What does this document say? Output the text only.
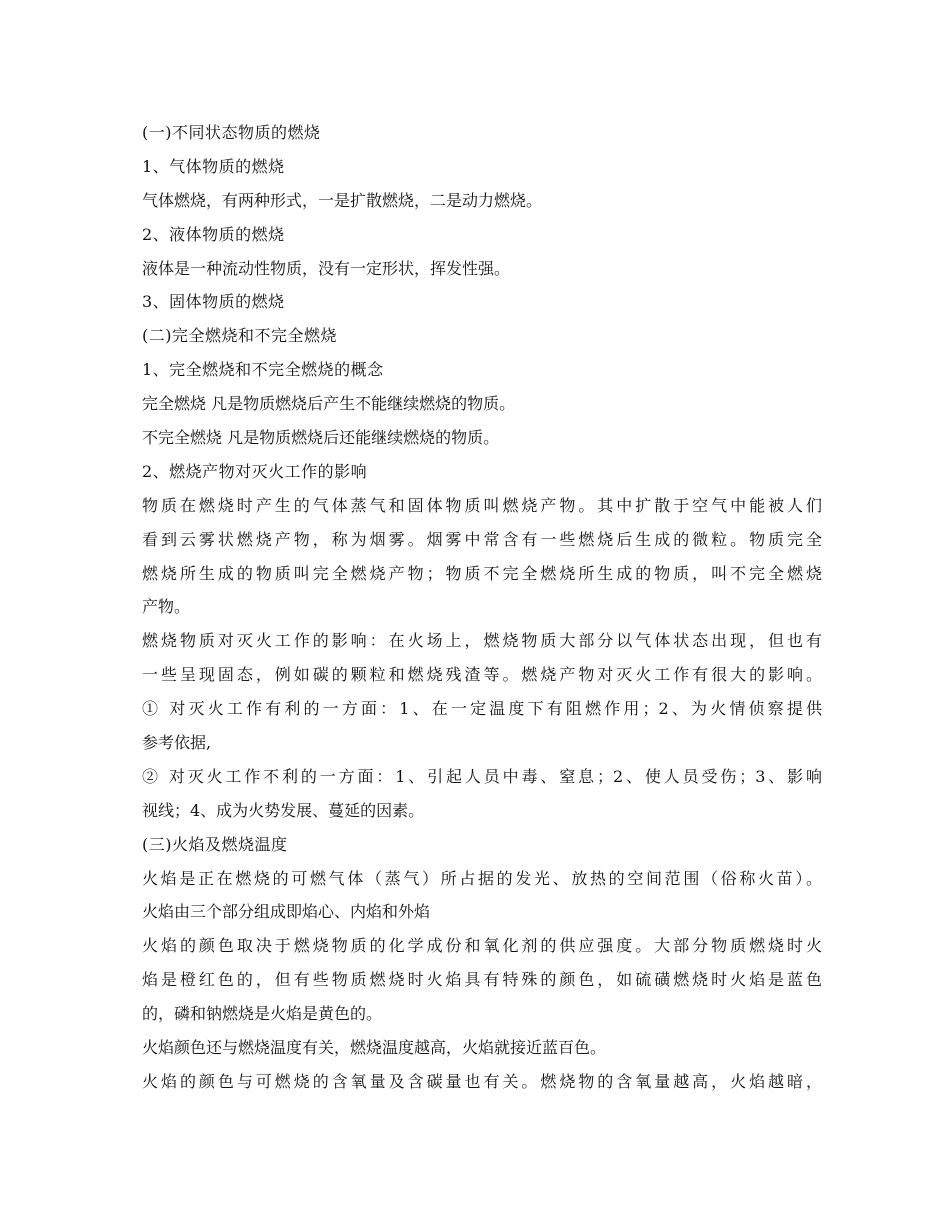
(一)不同状态物质的燃烧
1、气体物质的燃烧
气体燃烧，有两种形式，一是扩散燃烧，二是动力燃烧。
2、液体物质的燃烧
液体是一种流动性物质，没有一定形状，挥发性强。
3、固体物质的燃烧
(二)完全燃烧和不完全燃烧
1、完全燃烧和不完全燃烧的概念
完全燃烧 凡是物质燃烧后产生不能继续燃烧的物质。
不完全燃烧 凡是物质燃烧后还能继续燃烧的物质。
2、燃烧产物对灭火工作的影响
物质在燃烧时产生的气体蒸气和固体物质叫燃烧产物。其中扩散于空气中能被人们
看到云雾状燃烧产物，称为烟雾。烟雾中常含有一些燃烧后生成的微粒。物质完全
燃烧所生成的物质叫完全燃烧产物；物质不完全燃烧所生成的物质，叫不完全燃烧
产物。
燃烧物质对灭火工作的影响：在火场上，燃烧物质大部分以气体状态出现，但也有
一些呈现固态，例如碳的颗粒和燃烧残渣等。燃烧产物对灭火工作有很大的影响。
① 对灭火工作有利的一方面：1、在一定温度下有阻燃作用；2、为火情侦察提供
参考依据,
② 对灭火工作不利的一方面：1、引起人员中毒、窒息；2、使人员受伤；3、影响
视线；4、成为火势发展、蔓延的因素。
(三)火焰及燃烧温度
火焰是正在燃烧的可燃气体（蒸气）所占据的发光、放热的空间范围（俗称火苗）。
火焰由三个部分组成即焰心、内焰和外焰
火焰的颜色取决于燃烧物质的化学成份和氧化剂的供应强度。大部分物质燃烧时火
焰是橙红色的，但有些物质燃烧时火焰具有特殊的颜色，如硫磺燃烧时火焰是蓝色
的，磷和钠燃烧是火焰是黄色的。
火焰颜色还与燃烧温度有关，燃烧温度越高，火焰就接近蓝百色。
火焰的颜色与可燃烧的含氧量及含碳量也有关。燃烧物的含氧量越高，火焰越暗，
